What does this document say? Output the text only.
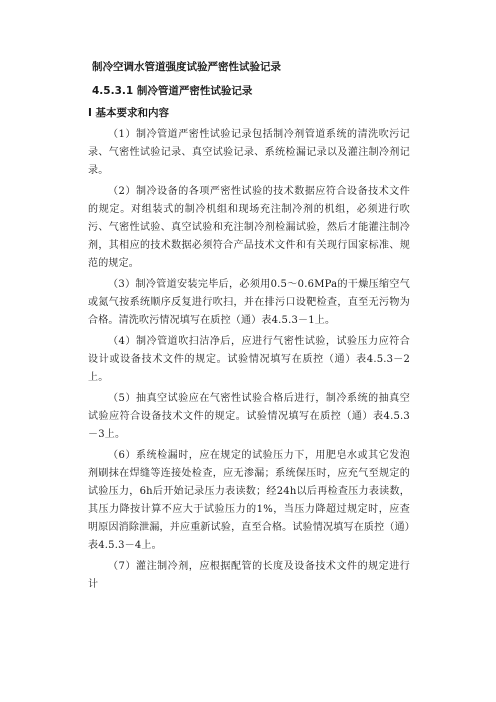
制冷空调水管道强度试验严密性试验记录
4.5.3.1 制冷管道严密性试验记录
Ⅰ 基本要求和内容

（1）制冷管道严密性试验记录包括制冷剂管道系统的清洗吹污记录、气密性试验记录、真空试验记录、系统检漏记录以及灌注制冷剂记录。

（2）制冷设备的各项严密性试验的技术数据应符合设备技术文件的规定。对组装式的制冷机组和现场充注制冷剂的机组，必须进行吹污、气密性试验、真空试验和充注制冷剂检漏试验，然后才能灌注制冷剂，其相应的技术数据必须符合产品技术文件和有关现行国家标准、规范的规定。

（3）制冷管道安装完毕后，必须用0.5～0.6MPa的干燥压缩空气或氮气按系统顺序反复进行吹扫，并在排污口设靶检查，直至无污物为合格。清洗吹污情况填写在质控（通）表4.5.3－1上。

（4）制冷管道吹扫洁净后，应进行气密性试验，试验压力应符合设计或设备技术文件的规定。试验情况填写在质控（通）表4.5.3－2上。

（5）抽真空试验应在气密性试验合格后进行，制冷系统的抽真空试验应符合设备技术文件的规定。试验情况填写在质控（通）表4.5.3－3上。

（6）系统检漏时，应在规定的试验压力下，用肥皂水或其它发泡剂刷抹在焊缝等连接处检查，应无渗漏；系统保压时，应充气至规定的试验压力，6h后开始记录压力表读数；经24h以后再检查压力表读数，其压力降按计算不应大于试验压力的1%，当压力降超过规定时，应查明原因消除泄漏，并应重新试验，直至合格。试验情况填写在质控（通）表4.5.3－4上。

（7）灌注制冷剂，应根据配管的长度及设备技术文件的规定进行计
